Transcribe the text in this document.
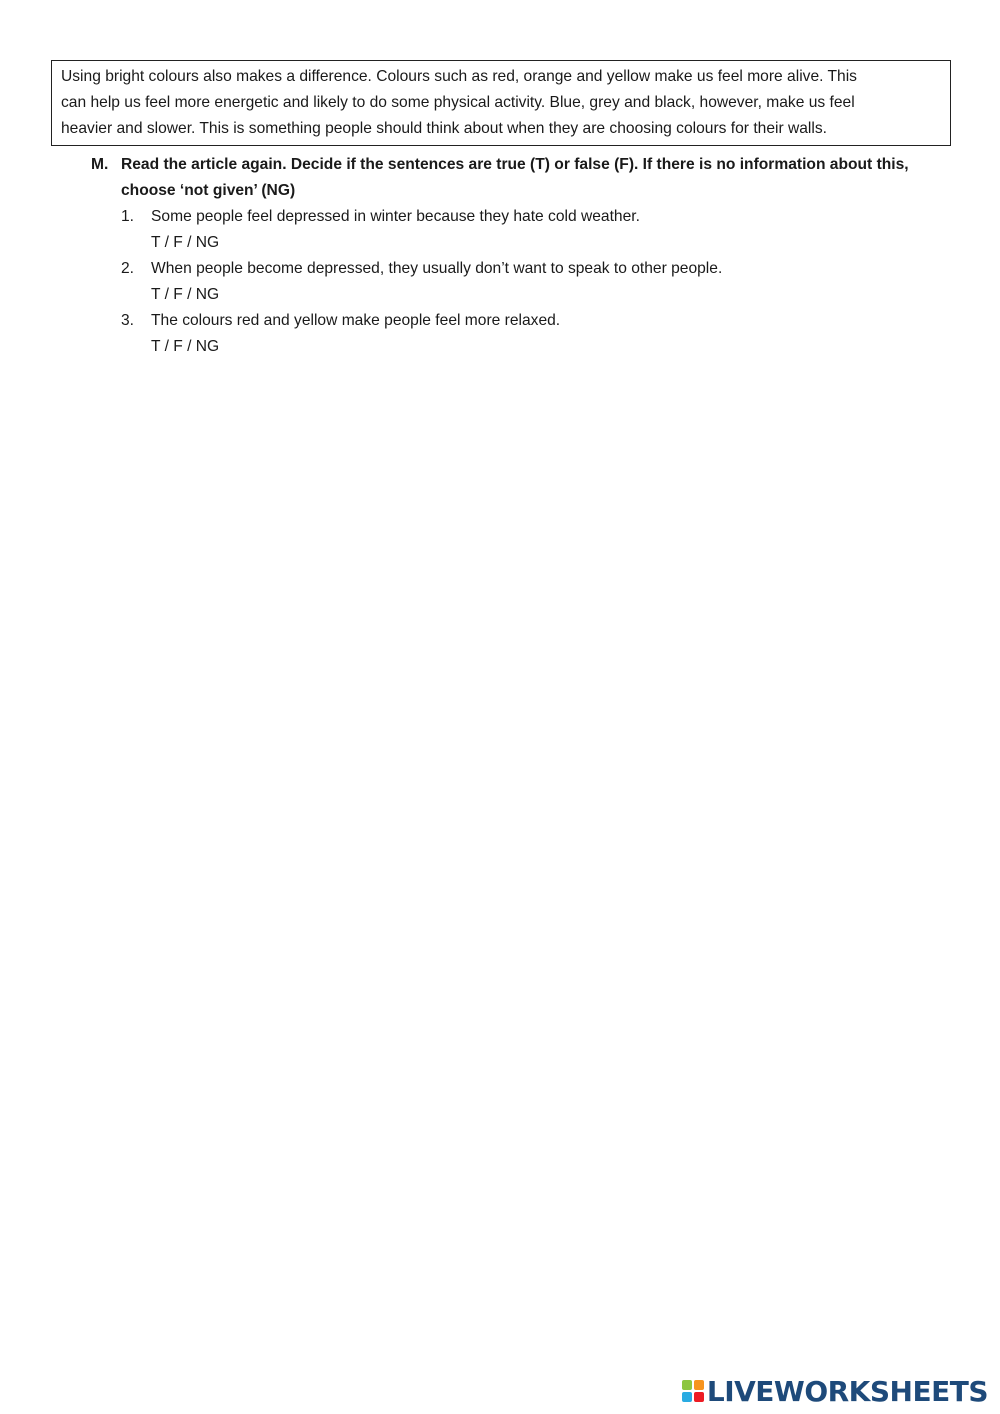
Using bright colours also makes a difference. Colours such as red, orange and yellow make us feel more alive. This
can help us feel more energetic and likely to do some physical activity. Blue, grey and black, however, make us feel
heavier and slower. This is something people should think about when they are choosing colours for their walls.
M. Read the article again. Decide if the sentences are true (T) or false (F). If there is no information about this,
choose ‘not given’ (NG)
1. Some people feel depressed in winter because they hate cold weather.
T / F / NG
2. When people become depressed, they usually don’t want to speak to other people.
T / F / NG
3. The colours red and yellow make people feel more relaxed.
T / F / NG
LIVEWORKSHEETS
